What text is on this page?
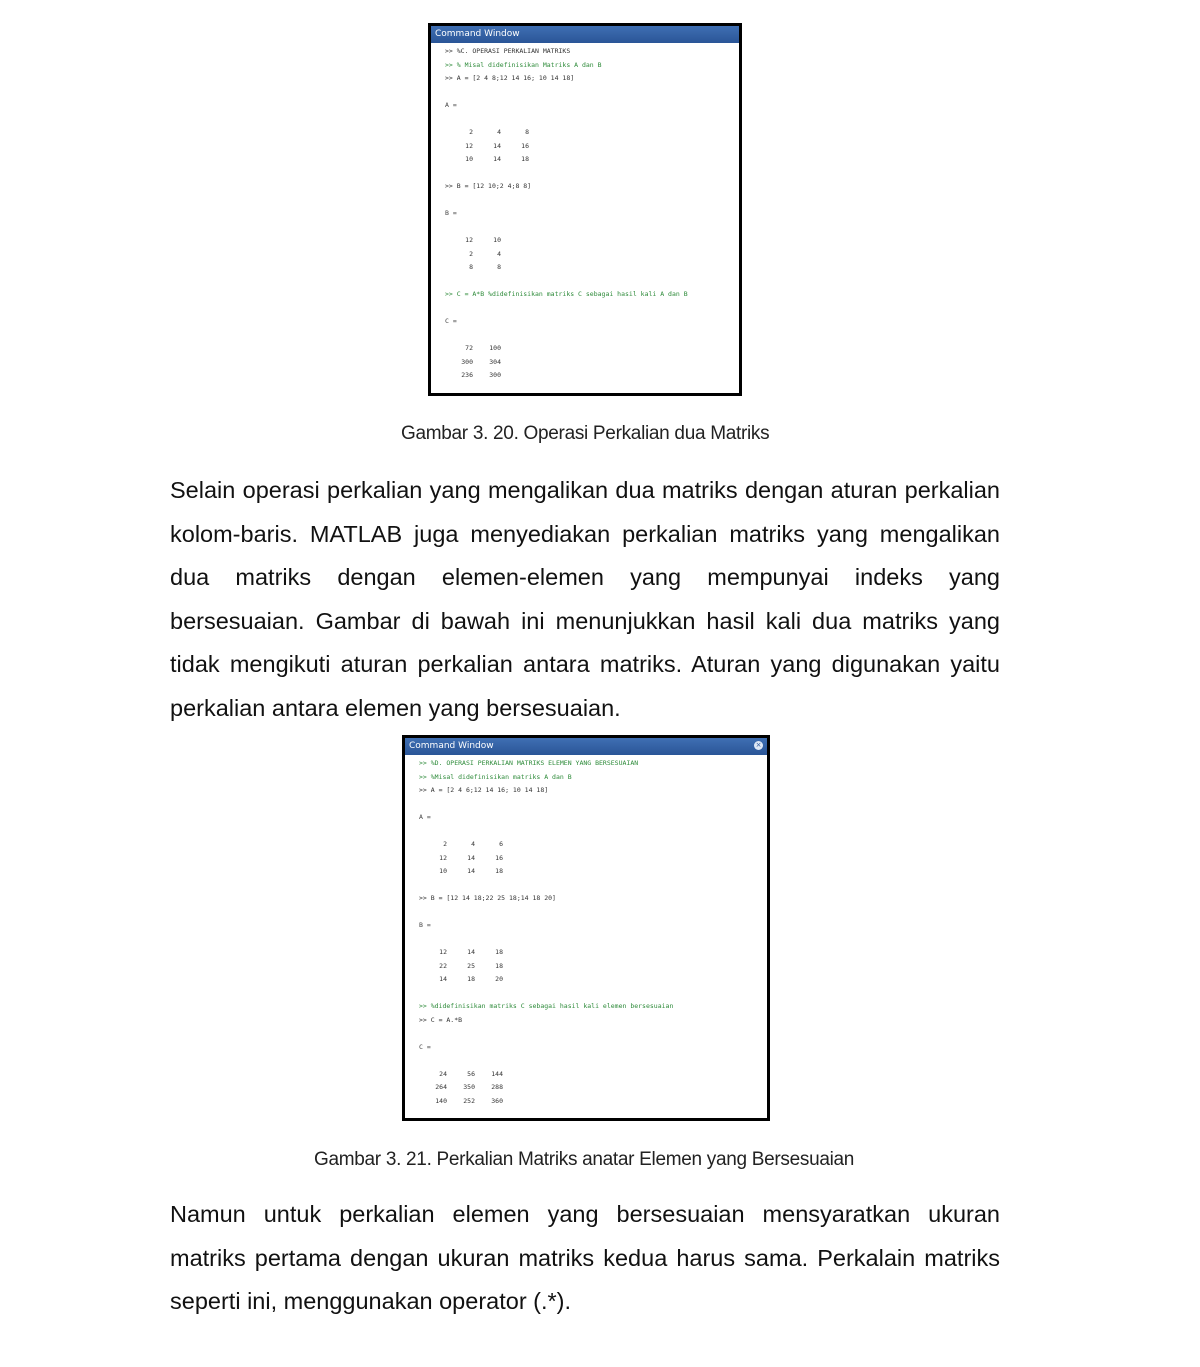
Command Window
>> %C. OPERASI PERKALIAN MATRIKS
>> % Misal didefinisikan Matriks A dan B
>> A = [2 4 8;12 14 16; 10 14 18]
A =
2	4	8
12	14	16
10	14	18
>> B = [12 10;2 4;8 8]
B =
12	10
2	4
8	8
>> C = A*B %didefinisikan matriks C sebagai hasil kali A dan B
C =
72	100
300	304
236	300
Gambar 3. 20. Operasi Perkalian dua Matriks

Selain operasi perkalian yang mengalikan dua matriks dengan aturan perkalian kolom-baris. MATLAB juga menyediakan perkalian matriks yang mengalikan dua matriks dengan elemen-elemen yang mempunyai indeks yang bersesuaian. Gambar di bawah ini menunjukkan hasil kali dua matriks yang tidak mengikuti aturan perkalian antara matriks. Aturan yang digunakan yaitu perkalian antara elemen yang bersesuaian.

Command Window	×
>> %D. OPERASI PERKALIAN MATRIKS ELEMEN YANG BERSESUAIAN
>> %Misal didefinisikan matriks A dan B
>> A = [2 4 6;12 14 16; 10 14 18]
A =
2	4	6
12	14	16
10	14	18
>> B = [12 14 18;22 25 18;14 18 20]
B =
12	14	18
22	25	18
14	18	20
>> %didefinisikan matriks C sebagai hasil kali elemen bersesuaian
>> C = A.*B
C =
24	56	144
264	350	288
140	252	360
Gambar 3. 21. Perkalian Matriks anatar Elemen yang Bersesuaian

Namun untuk perkalian elemen yang bersesuaian mensyaratkan ukuran matriks pertama dengan ukuran matriks kedua harus sama. Perkalain matriks seperti ini, menggunakan operator (.*).
